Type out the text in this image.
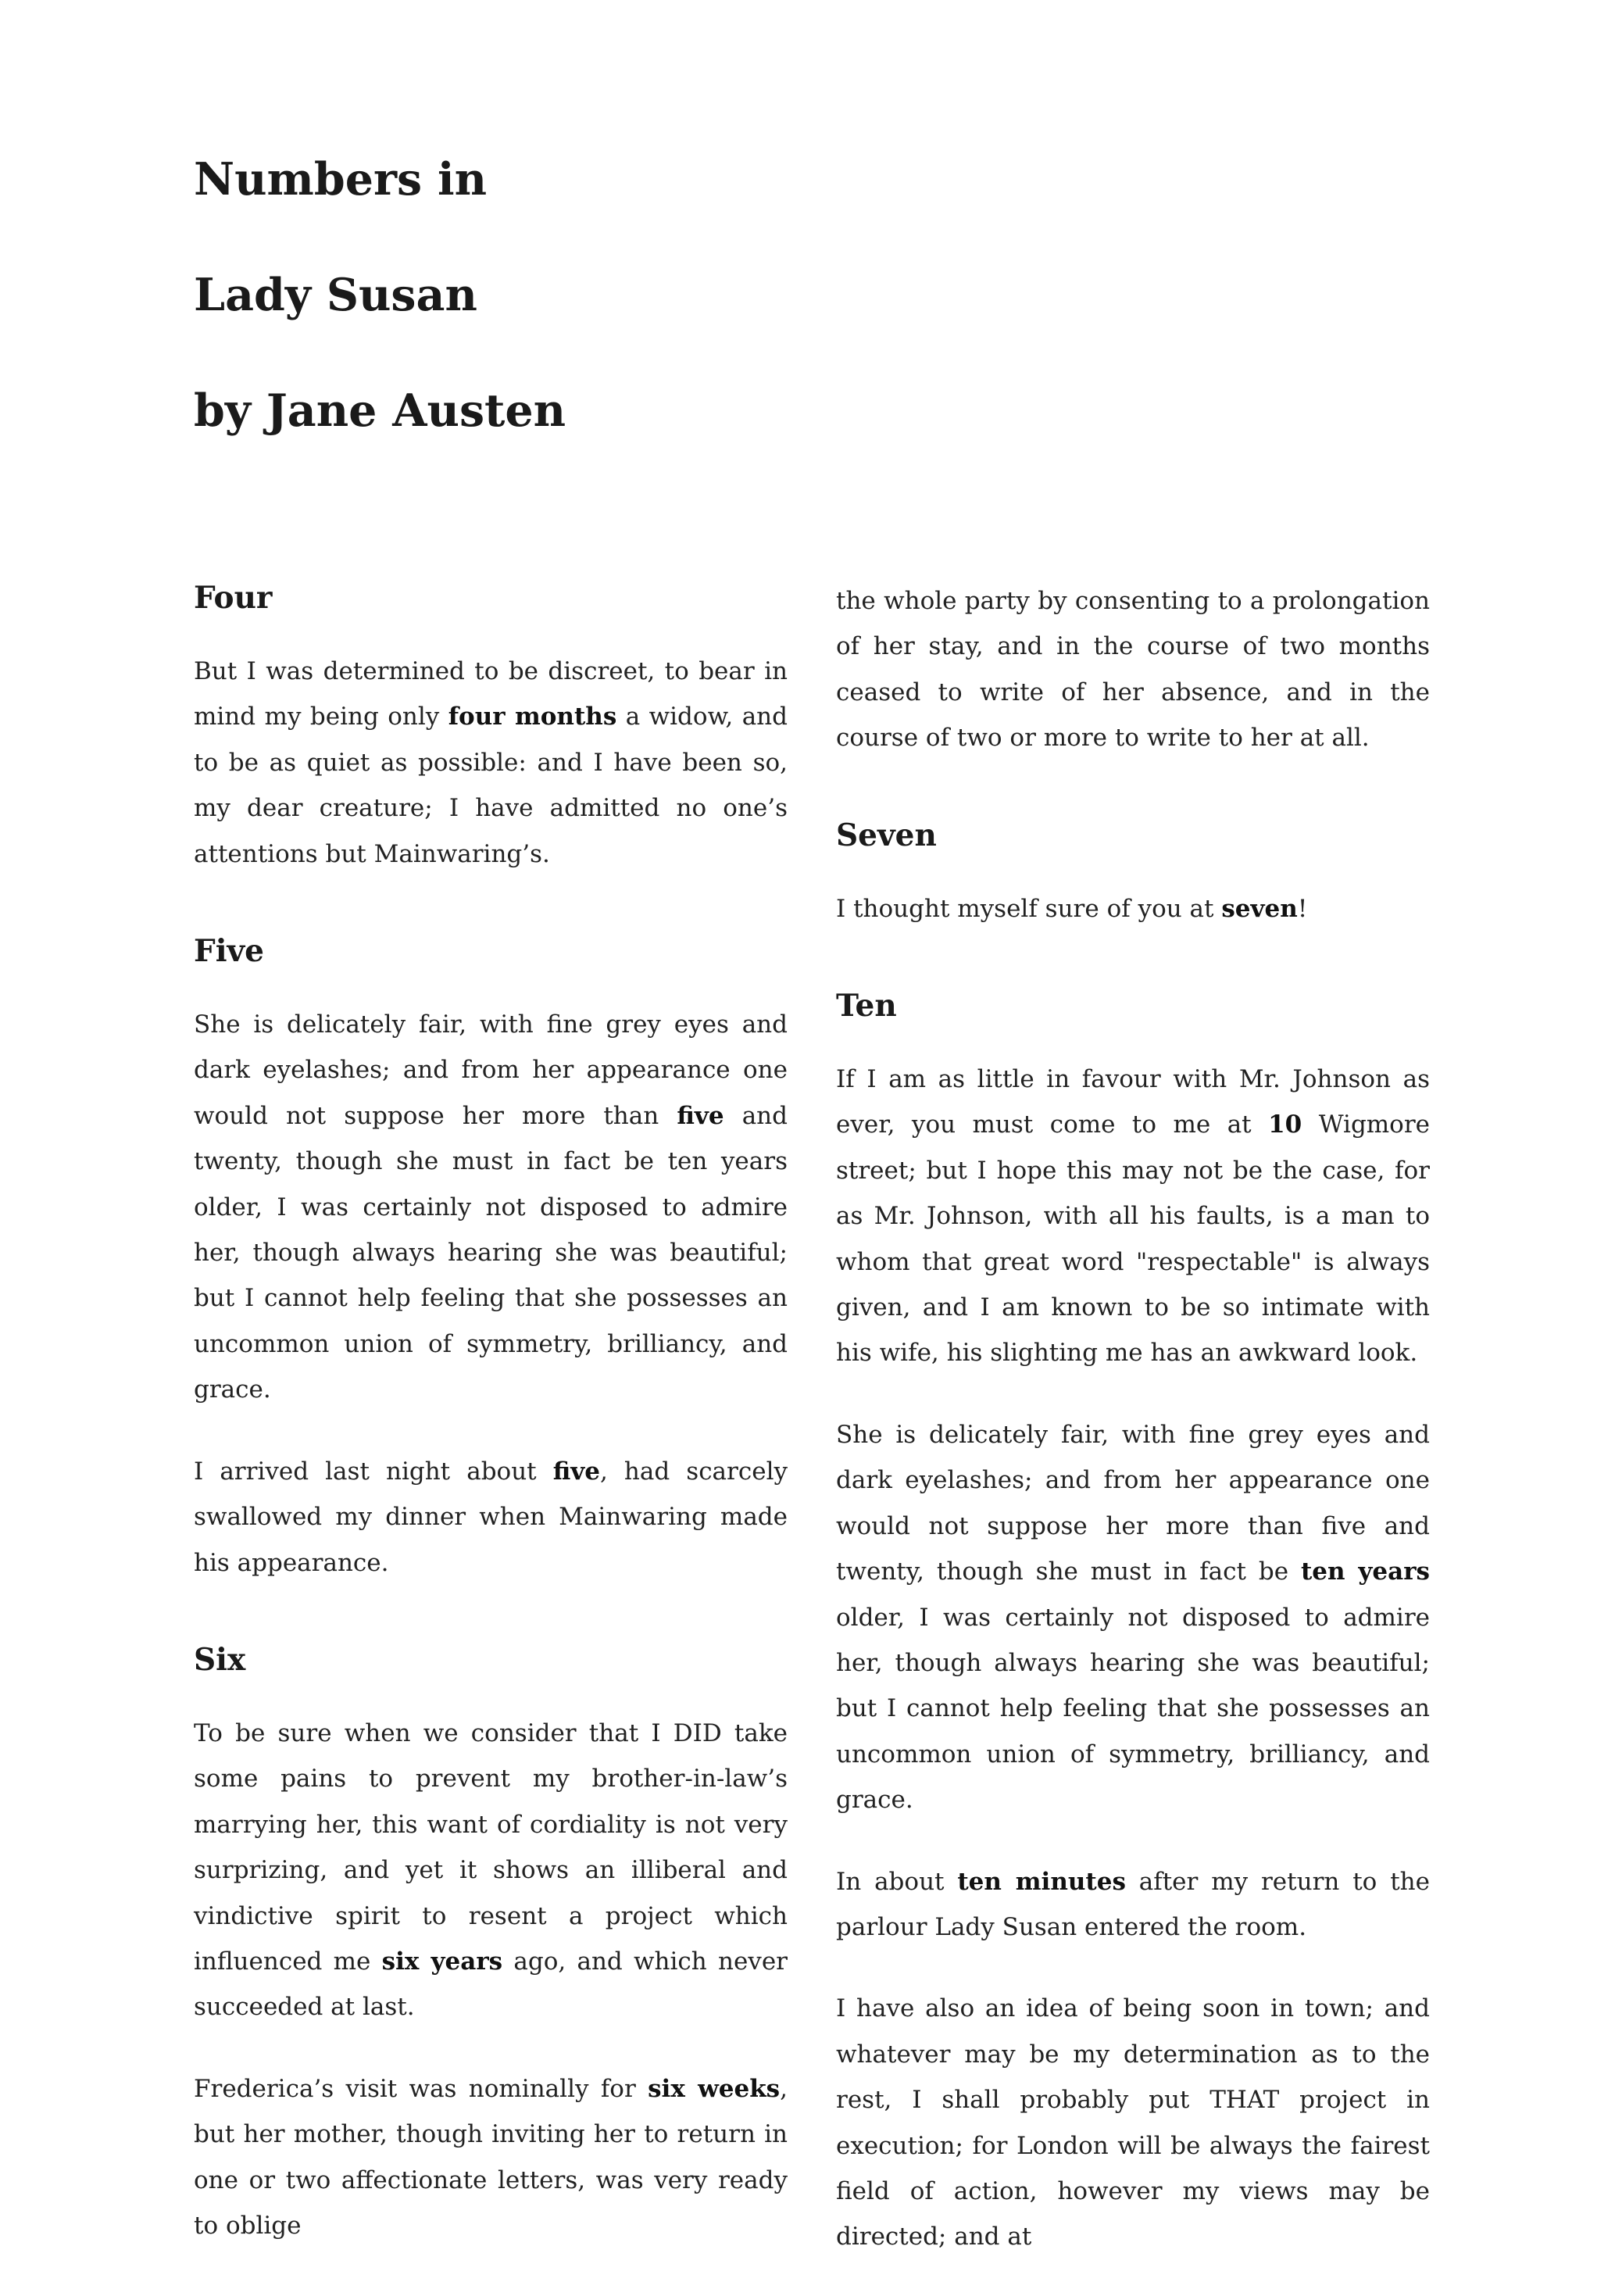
Numbers in
Lady Susan
by Jane Austen
Four

But I was determined to be discreet, to bear in mind my being only four months a widow, and to be as quiet as possible: and I have been so, my dear creature; I have admitted no one’s attentions but Mainwaring’s.

Five

She is delicately fair, with fine grey eyes and dark eyelashes; and from her appearance one would not suppose her more than five and twenty, though she must in fact be ten years older, I was certainly not disposed to admire her, though always hearing she was beautiful; but I cannot help feeling that she possesses an uncommon union of symmetry, brilliancy, and grace.

I arrived last night about five, had scarcely swallowed my dinner when Mainwaring made his appearance.

Six

To be sure when we consider that I DID take some pains to prevent my brother-in-law’s marrying her, this want of cordiality is not very surprizing, and yet it shows an illiberal and vindictive spirit to resent a project which influenced me six years ago, and which never succeeded at last.

Frederica’s visit was nominally for six weeks, but her mother, though inviting her to return in one or two affectionate letters, was very ready to oblige

the whole party by consenting to a prolongation of her stay, and in the course of two months ceased to write of her absence, and in the course of two or more to write to her at all.

Seven

I thought myself sure of you at seven!

Ten

If I am as little in favour with Mr. Johnson as ever, you must come to me at 10 Wigmore street; but I hope this may not be the case, for as Mr. Johnson, with all his faults, is a man to whom that great word "respectable" is always given, and I am known to be so intimate with his wife, his slighting me has an awkward look.

She is delicately fair, with fine grey eyes and dark eyelashes; and from her appearance one would not suppose her more than five and twenty, though she must in fact be ten years older, I was certainly not disposed to admire her, though always hearing she was beautiful; but I cannot help feeling that she possesses an uncommon union of symmetry, brilliancy, and grace.

In about ten minutes after my return to the parlour Lady Susan entered the room.

I have also an idea of being soon in town; and whatever may be my determination as to the rest, I shall probably put THAT project in execution; for London will be always the fairest field of action, however my views may be directed; and at
